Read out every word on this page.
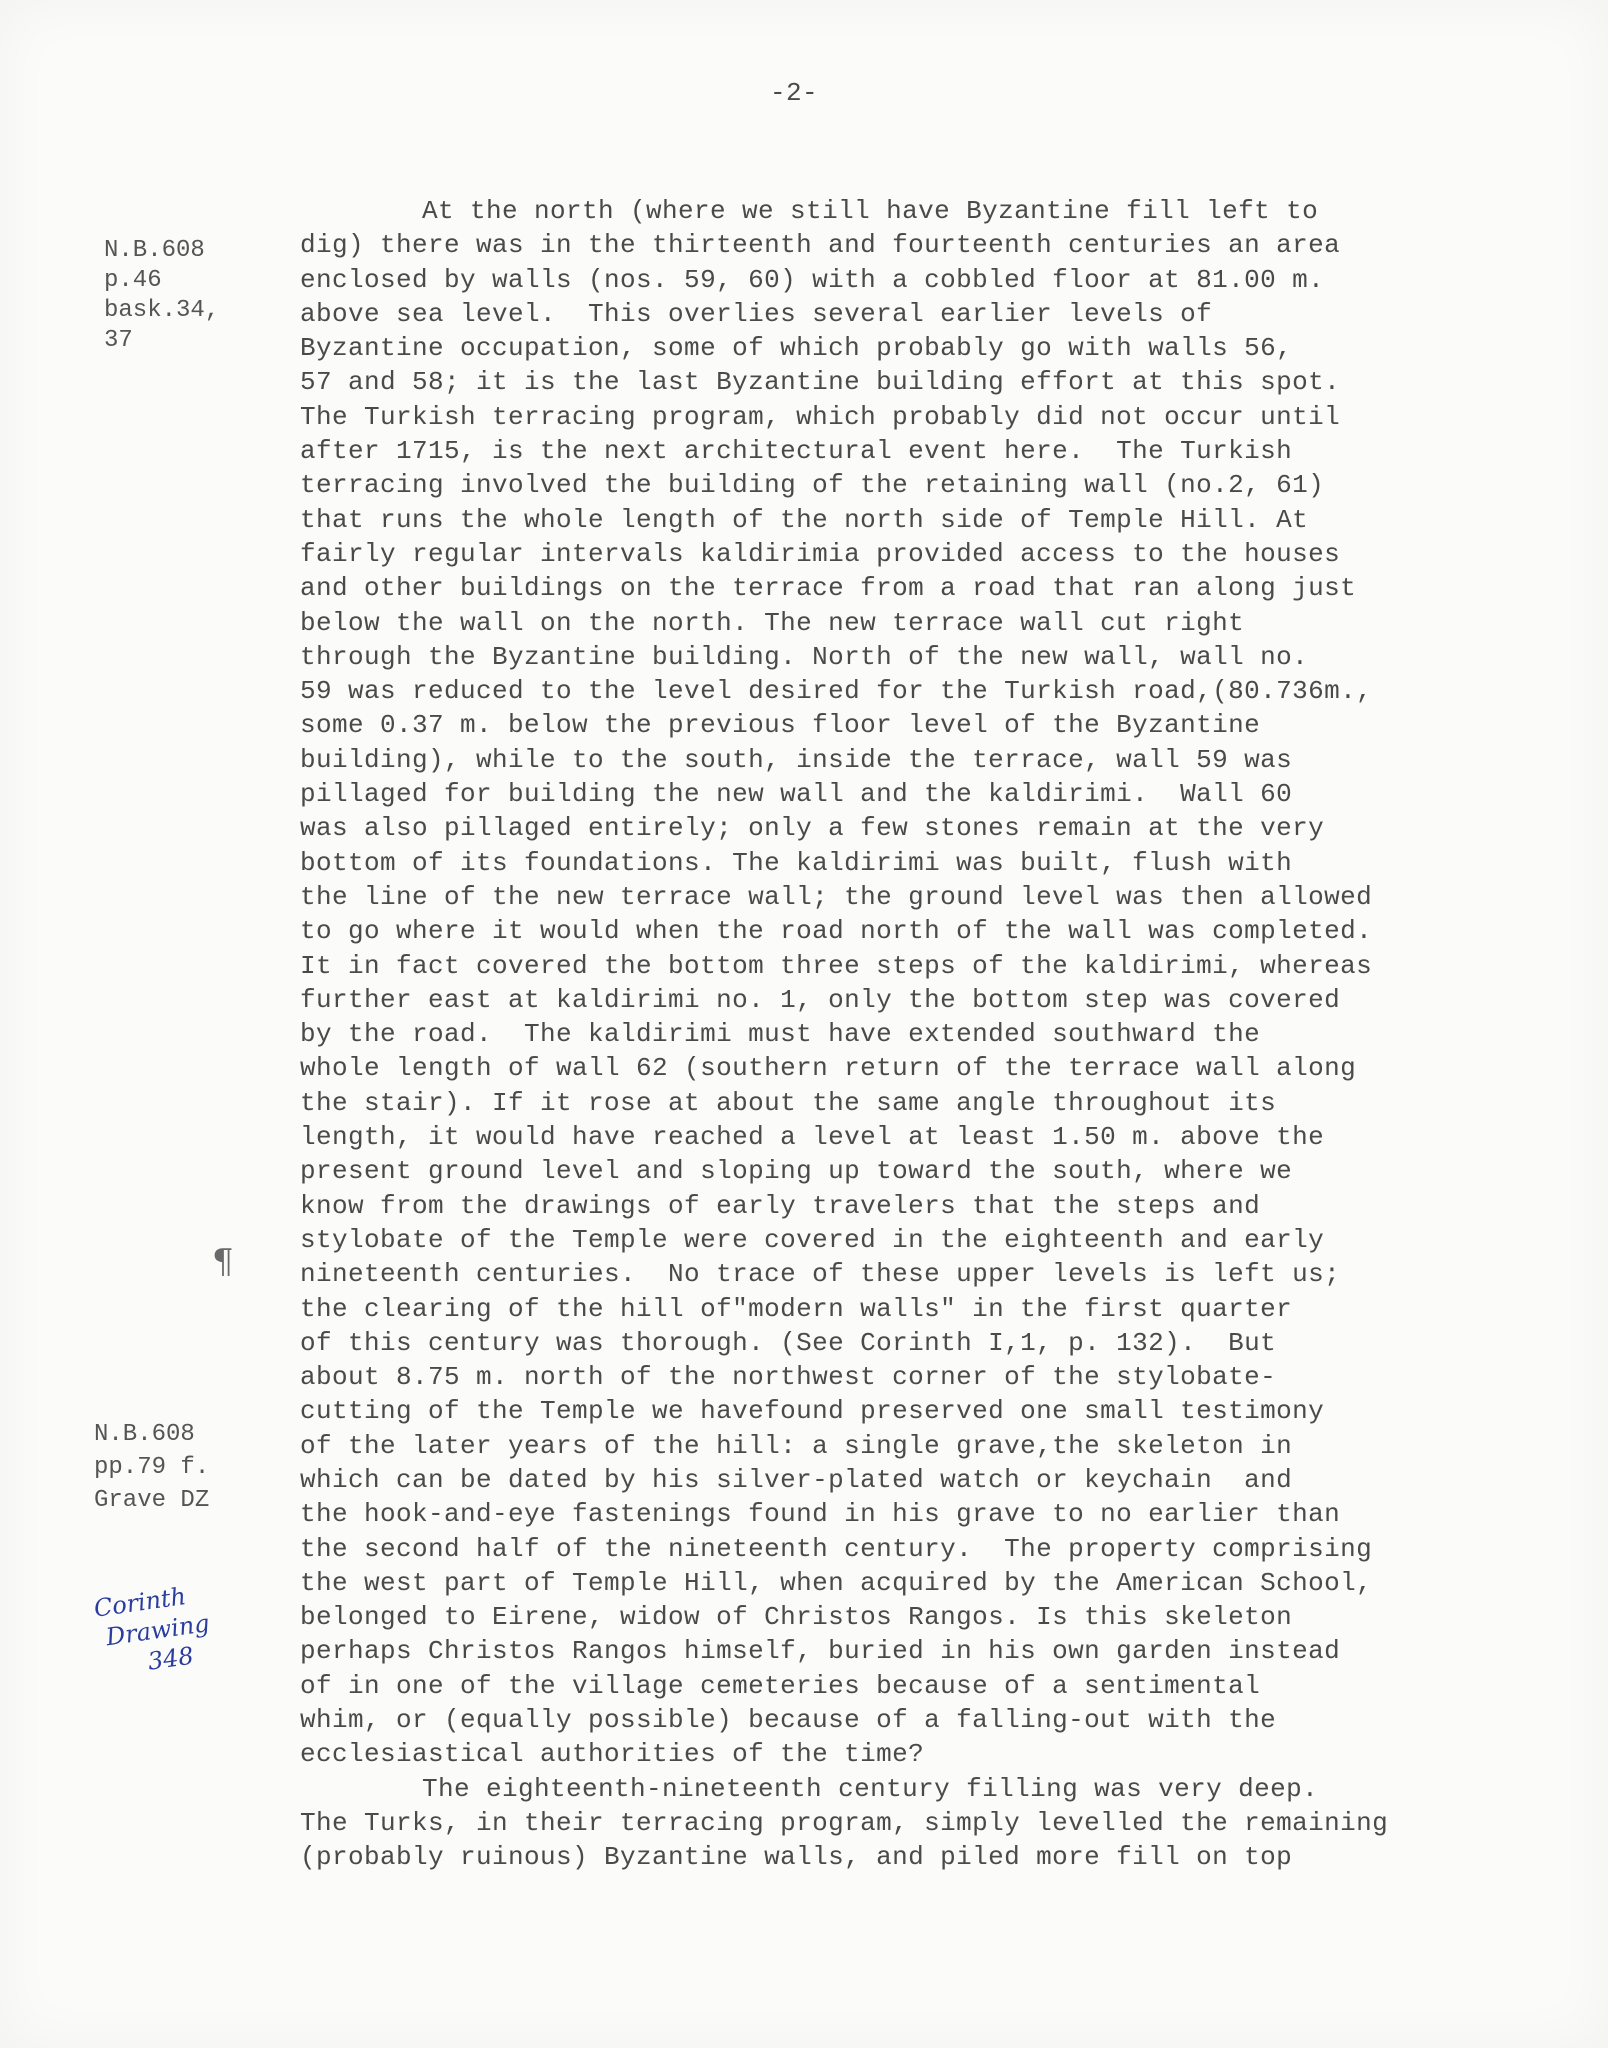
-2-
N.B.608
p.46
bask.34,
37
¶
N.B.608
pp.79 f.
Grave DZ
Corinth
Drawing
348
At the north (where we still have Byzantine fill left to
dig) there was in the thirteenth and fourteenth centuries an area
enclosed by walls (nos. 59, 60) with a cobbled floor at 81.00 m.
above sea level.  This overlies several earlier levels of
Byzantine occupation, some of which probably go with walls 56,
57 and 58; it is the last Byzantine building effort at this spot.
The Turkish terracing program, which probably did not occur until
after 1715, is the next architectural event here.  The Turkish
terracing involved the building of the retaining wall (no.2, 61)
that runs the whole length of the north side of Temple Hill. At
fairly regular intervals kaldirimia provided access to the houses
and other buildings on the terrace from a road that ran along just
below the wall on the north. The new terrace wall cut right
through the Byzantine building. North of the new wall, wall no.
59 was reduced to the level desired for the Turkish road,(80.736m.,
some 0.37 m. below the previous floor level of the Byzantine
building), while to the south, inside the terrace, wall 59 was
pillaged for building the new wall and the kaldirimi.  Wall 60
was also pillaged entirely; only a few stones remain at the very
bottom of its foundations. The kaldirimi was built, flush with
the line of the new terrace wall; the ground level was then allowed
to go where it would when the road north of the wall was completed.
It in fact covered the bottom three steps of the kaldirimi, whereas
further east at kaldirimi no. 1, only the bottom step was covered
by the road.  The kaldirimi must have extended southward the
whole length of wall 62 (southern return of the terrace wall along
the stair). If it rose at about the same angle throughout its
length, it would have reached a level at least 1.50 m. above the
present ground level and sloping up toward the south, where we
know from the drawings of early travelers that the steps and
stylobate of the Temple were covered in the eighteenth and early
nineteenth centuries.  No trace of these upper levels is left us;
the clearing of the hill of"modern walls" in the first quarter
of this century was thorough. (See Corinth I,1, p. 132).  But
about 8.75 m. north of the northwest corner of the stylobate-
cutting of the Temple we havefound preserved one small testimony
of the later years of the hill: a single grave,the skeleton in
which can be dated by his silver-plated watch or keychain  and
the hook-and-eye fastenings found in his grave to no earlier than
the second half of the nineteenth century.  The property comprising
the west part of Temple Hill, when acquired by the American School,
belonged to Eirene, widow of Christos Rangos. Is this skeleton
perhaps Christos Rangos himself, buried in his own garden instead
of in one of the village cemeteries because of a sentimental
whim, or (equally possible) because of a falling-out with the
ecclesiastical authorities of the time?
The eighteenth-nineteenth century filling was very deep.
The Turks, in their terracing program, simply levelled the remaining
(probably ruinous) Byzantine walls, and piled more fill on top
